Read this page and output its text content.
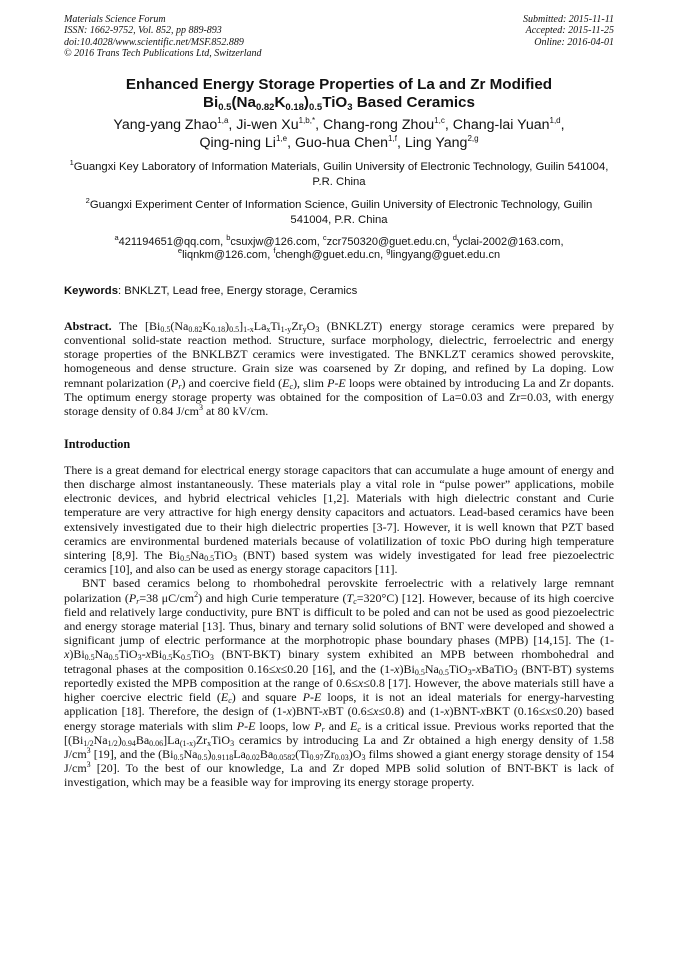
Materials Science Forum
ISSN: 1662-9752, Vol. 852, pp 889-893
doi:10.4028/www.scientific.net/MSF.852.889
© 2016 Trans Tech Publications Ltd, Switzerland
Submitted: 2015-11-11
Accepted: 2015-11-25
Online: 2016-04-01
Enhanced Energy Storage Properties of La and Zr Modified
$Bi_{0.5}(Na_{0.82}K_{0.18})_{0.5}TiO_3$ Based Ceramics
Yang-yang Zhao$^{1,a}$, Ji-wen $Xu^{1,b,*}$, Chang-rong Zhou$^{1,c}$, Chang-lai Yuan$^{1,d}$,
Qing-ning Li$^{1,e}$, Guo-hua Chen$^{1,f}$, Ling Yang$^{2,g}$
$^1$Guangxi Key Laboratory of Information Materials, Guilin University of Electronic Technology, Guilin 541004, P.R. China
$^2$Guangxi Experiment Center of Information Science, Guilin University of Electronic Technology, Guilin 541004, P.R. China
$^a$421194651@qq.com, $^b$csuxjw@126.com, $^c$zcr750320@guet.edu.cn, $^d$yclai-2002@163.com,
$^e$liqnkm@126.com, $^f$chengh@guet.edu.cn, $^g$lingyang@guet.edu.cn
Keywords: BNKLZT, Lead free, Energy storage, Ceramics
Abstract. The $[Bi_{0.5}(Na_{0.82}K_{0.18})_{0.5}]_{1-x}La_xTi_{1-y}Zr_yO_3$ (BNKLZT) energy storage ceramics were prepared by conventional solid-state reaction method. Structure, surface morphology, dielectric, ferroelectric and energy storage properties of the BNKLBZT ceramics were investigated. The BNKLZT ceramics showed perovskite, homogeneous and dense structure. Grain size was coarsened by Zr doping, and refined by La doping. Low remnant polarization $(P_r)$ and coercive field $(E_c)$, slim P-E loops were obtained by introducing La and Zr dopants. The optimum energy storage property was obtained for the composition of La=0.03 and Zr=0.03, with energy storage density of 0.84 $J/cm^3$ at 80 kV/cm.
Introduction

There is a great demand for electrical energy storage capacitors that can accumulate a huge amount of energy and then discharge almost instantaneously. These materials play a vital role in “pulse power” applications, mobile electronic devices, and hybrid electrical vehicles [1,2]. Materials with high dielectric constant and Curie temperature are very attractive for high energy density capacitors and actuators. Lead-based ceramics have been extensively investigated due to their high dielectric properties [3-7]. However, it is well known that PZT based ceramics are environmental burdened materials because of volatilization of toxic PbO during high temperature sintering [8,9]. The $Bi_{0.5}Na_{0.5}TiO_3$ (BNT) based system was widely investigated for lead free piezoelectric ceramics [10], and also can be used as energy storage capacitors [11].

BNT based ceramics belong to rhombohedral perovskite ferroelectric with a relatively large remnant polarization ($P_r=38$ $\mu C/cm^2$) and high Curie temperature $(T_c=320^\circ C)$ [12]. However, because of its high coercive field and relatively large conductivity, pure BNT is difficult to be poled and can not be used as good piezoelectric and energy storage material [13]. Thus, binary and ternary solid solutions of BNT were developed and showed a significant jump of electric performance at the morphotropic phase boundary phases (MPB) [14,15]. The $(1-x)Bi_{0.5}Na_{0.5}TiO_3-xBi_{0.5}K_{0.5}TiO_3$ (BNT-BKT) binary system exhibited an MPB between rhombohedral and tetragonal phases at the composition 0.16≤x≤0.20 [16], and the $(1-x)Bi_{0.5}Na_{0.5}TiO_3-xBaTiO_3$ (BNT-BT) systems reportedly existed the MPB composition at the range of 0.6≤x≤0.8 [17]. However, the above materials still have a higher coercive electric field $(E_c)$ and square P-E loops, it is not an ideal materials for energy-harvesting application [18]. Therefore, the design of (1-x)BNT-xBT (0.6≤x≤0.8) and (1-x)BNT-xBKT (0.16≤x≤0.20) based energy storage materials with slim P-E loops, low $P_r$ and $E_c$ is a critical issue. Previous works reported that the $[(Bi_{1/2}Na_{1/2})_{0.94}Ba_{0.06}]La_{(1-x)}Zr_xTiO_3$ ceramics by introducing La and Zr obtained a high energy density of 1.58 $J/cm^3$ [19], and the $(Bi_{0.5}Na_{0.5})_{0.9118}La_{0.02}Ba_{0.0582}(Ti_{0.97}Zr_{0.03})O_3$ films showed a giant energy storage density of 154 $J/cm^3$ [20]. To the best of our knowledge, La and Zr doped MPB solid solution of BNT-BKT is lack of investigation, which may be a feasible way for improving its energy storage property.
